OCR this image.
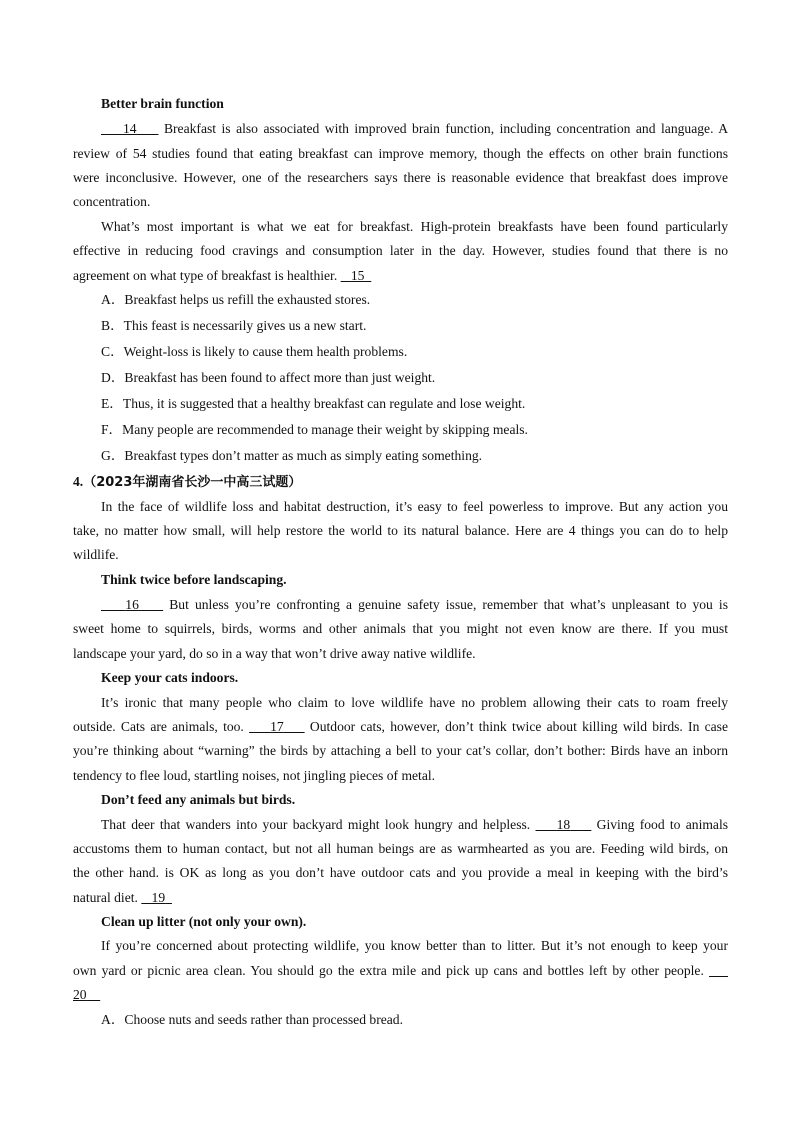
Better brain function
14 Breakfast is also associated with improved brain function, including concentration and language. A
review of 54 studies found that eating breakfast can improve memory, though the effects on other brain functions
were inconclusive. However, one of the researchers says there is reasonable evidence that breakfast does improve
concentration.
What’s most important is what we eat for breakfast. High-protein breakfasts have been found particularly
effective in reducing food cravings and consumption later in the day. However, studies found that there is no
agreement on what type of breakfast is healthier. 15
A．Breakfast helps us refill the exhausted stores.
B．This feast is necessarily gives us a new start.
C．Weight-loss is likely to cause them health problems.
D．Breakfast has been found to affect more than just weight.
E．Thus, it is suggested that a healthy breakfast can regulate and lose weight.
F．Many people are recommended to manage their weight by skipping meals.
G．Breakfast types don’t matter as much as simply eating something.
4.（2023年湖南省长沙一中高三试题）
In the face of wildlife loss and habitat destruction, it’s easy to feel powerless to improve. But any action you
take, no matter how small, will help restore the world to its natural balance. Here are 4 things you can do to help
wildlife.
Think twice before landscaping.
16 But unless you’re confronting a genuine safety issue, remember that what’s unpleasant to you is
sweet home to squirrels, birds, worms and other animals that you might not even know are there. If you must
landscape your yard, do so in a way that won’t drive away native wildlife.
Keep your cats indoors.
It’s ironic that many people who claim to love wildlife have no problem allowing their cats to roam freely
outside. Cats are animals, too. 17 Outdoor cats, however, don’t think twice about killing wild birds. In case
you’re thinking about “warning” the birds by attaching a bell to your cat’s collar, don’t bother: Birds have an inborn
tendency to flee loud, startling noises, not jingling pieces of metal.
Don’t feed any animals but birds.
That deer that wanders into your backyard might look hungry and helpless. 18 Giving food to animals
accustoms them to human contact, but not all human beings are as warmhearted as you are. Feeding wild birds, on
the other hand. is OK as long as you don’t have outdoor cats and you provide a meal in keeping with the bird’s
natural diet. 19
Clean up litter (not only your own).
If you’re concerned about protecting wildlife, you know better than to litter. But it’s not enough to keep your
own yard or picnic area clean. You should go the extra mile and pick up cans and bottles left by other people.
20
A．Choose nuts and seeds rather than processed bread.
